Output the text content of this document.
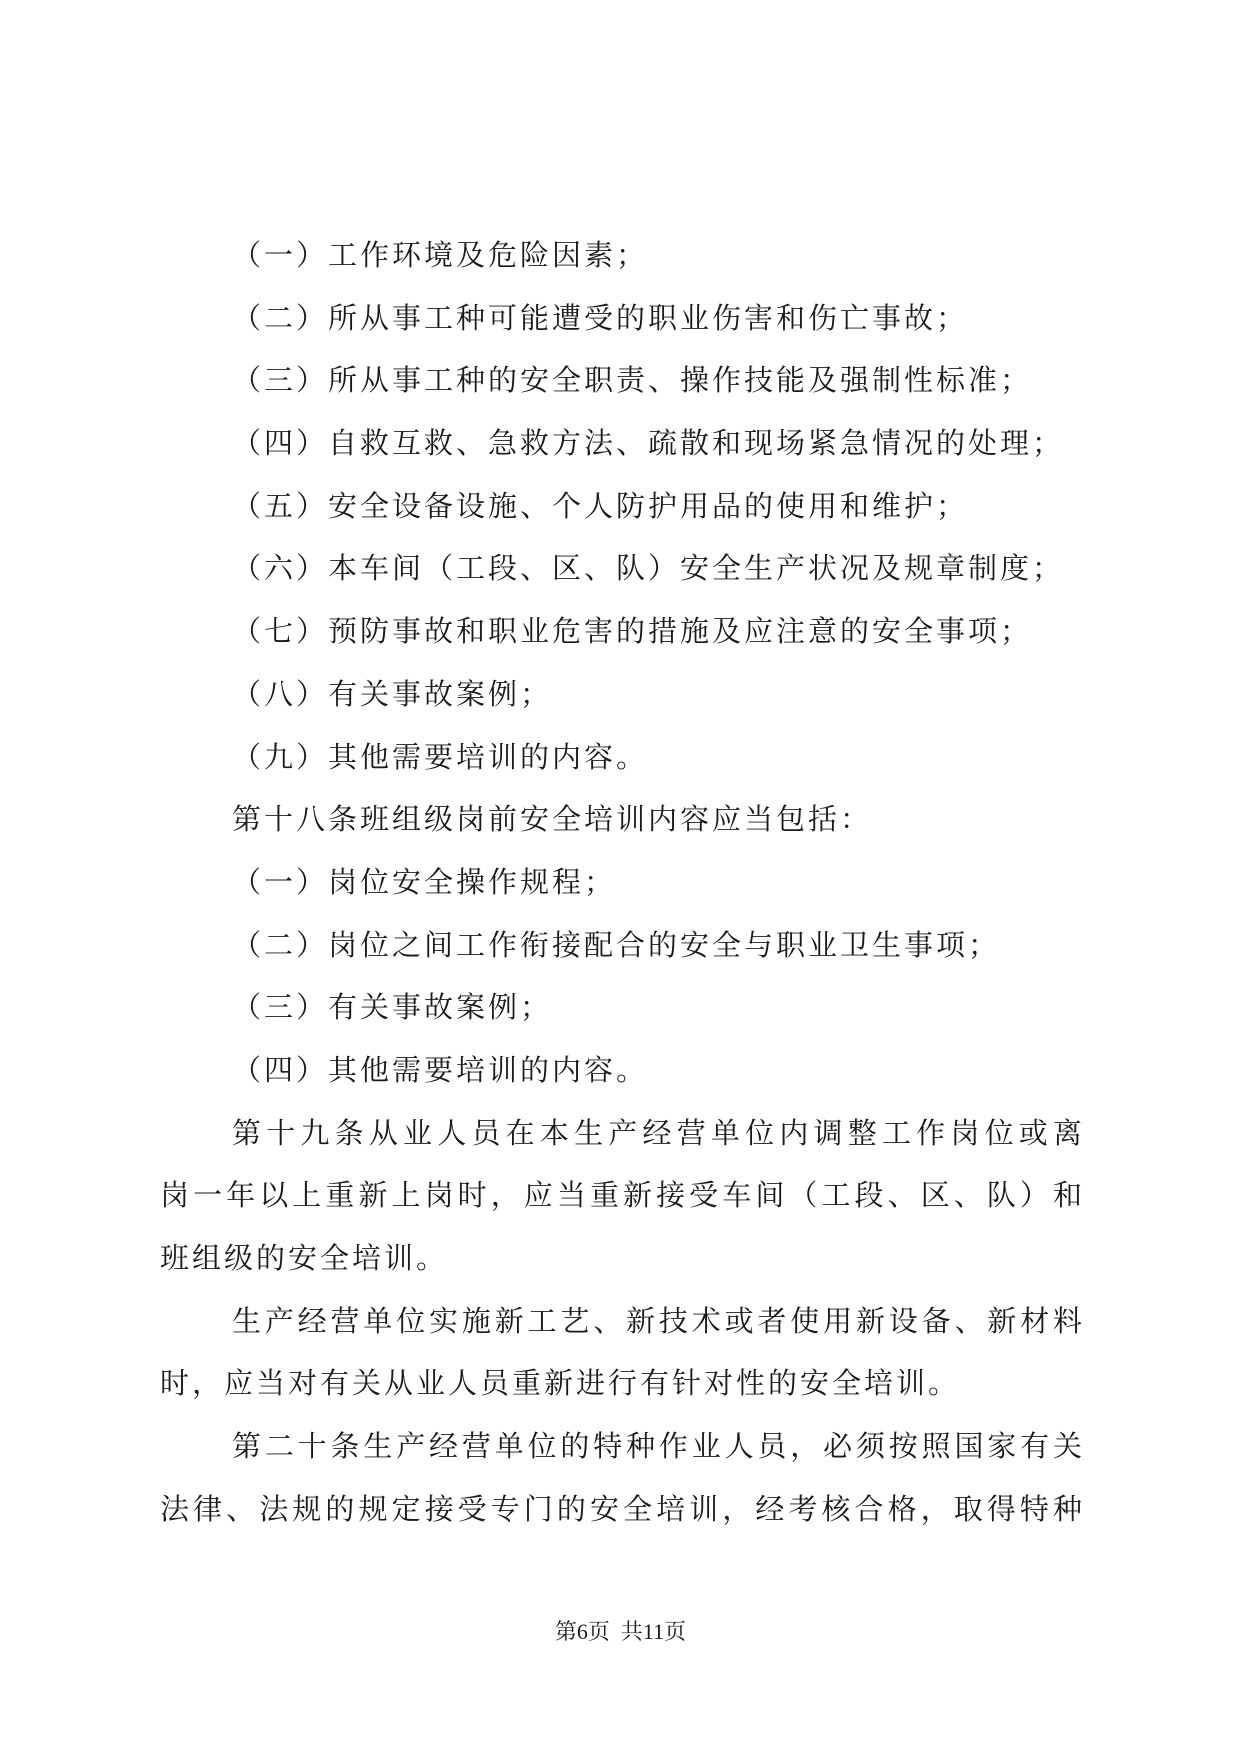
（一）工作环境及危险因素；
（二）所从事工种可能遭受的职业伤害和伤亡事故；
（三）所从事工种的安全职责、操作技能及强制性标准；
（四）自救互救、急救方法、疏散和现场紧急情况的处理；
（五）安全设备设施、个人防护用品的使用和维护；
（六）本车间（工段、区、队）安全生产状况及规章制度；
（七）预防事故和职业危害的措施及应注意的安全事项；
（八）有关事故案例；
（九）其他需要培训的内容。
第十八条班组级岗前安全培训内容应当包括：
（一）岗位安全操作规程；
（二）岗位之间工作衔接配合的安全与职业卫生事项；
（三）有关事故案例；
（四）其他需要培训的内容。
第十九条从业人员在本生产经营单位内调整工作岗位或离
岗一年以上重新上岗时，应当重新接受车间（工段、区、队）和
班组级的安全培训。
生产经营单位实施新工艺、新技术或者使用新设备、新材料
时，应当对有关从业人员重新进行有针对性的安全培训。
第二十条生产经营单位的特种作业人员，必须按照国家有关
法律、法规的规定接受专门的安全培训，经考核合格，取得特种
第6页  共11页
